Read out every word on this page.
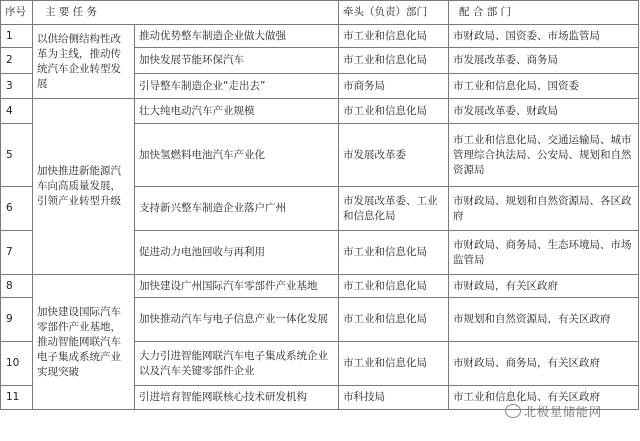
序号	主 要 任 务		牵头（负责）部门	配 合 部 门
1	以供给侧结构性改革为主线，推动传统汽车企业转型发展	推动优势整车制造企业做大做强	市工业和信息化局	市财政局、国资委、市场监管局
2		加快发展节能环保汽车	市工业和信息化局	市发展改革委、商务局
3		引导整车制造企业“走出去”	市商务局	市工业和信息化局、国资委
4	加快推进新能源汽车向高质量发展，引领产业转型升级	壮大纯电动汽车产业规模	市工业和信息化局	市发展改革委、财政局
5		加快氢燃料电池汽车产业化	市发展改革委	市工业和信息化局、交通运输局、城市管理综合执法局、公安局、规划和自然资源局
6		支持新兴整车制造企业落户广州	市发展改革委、工业和信息化局	市财政局、规划和自然资源局、各区政府
7		促进动力电池回收与再利用	市工业和信息化局	市财政局、商务局、生态环境局、市场监管局
8	加快建设国际汽车零部件产业基地，推动智能网联汽车电子集成系统产业实现突破	加快建设广州国际汽车零部件产业基地	市工业和信息化局	市财政局，有关区政府
9		加快推动汽车与电子信息产业一体化发展	市工业和信息化局	市规划和自然资源局，有关区政府
10		大力引进智能网联汽车电子集成系统企业以及汽车关键零部件企业	市工业和信息化局	市财政局、商务局，有关区政府
11		引进培育智能网联核心技术研发机构	市科技局	市工业和信息化局、有关区政府
北极星储能网
